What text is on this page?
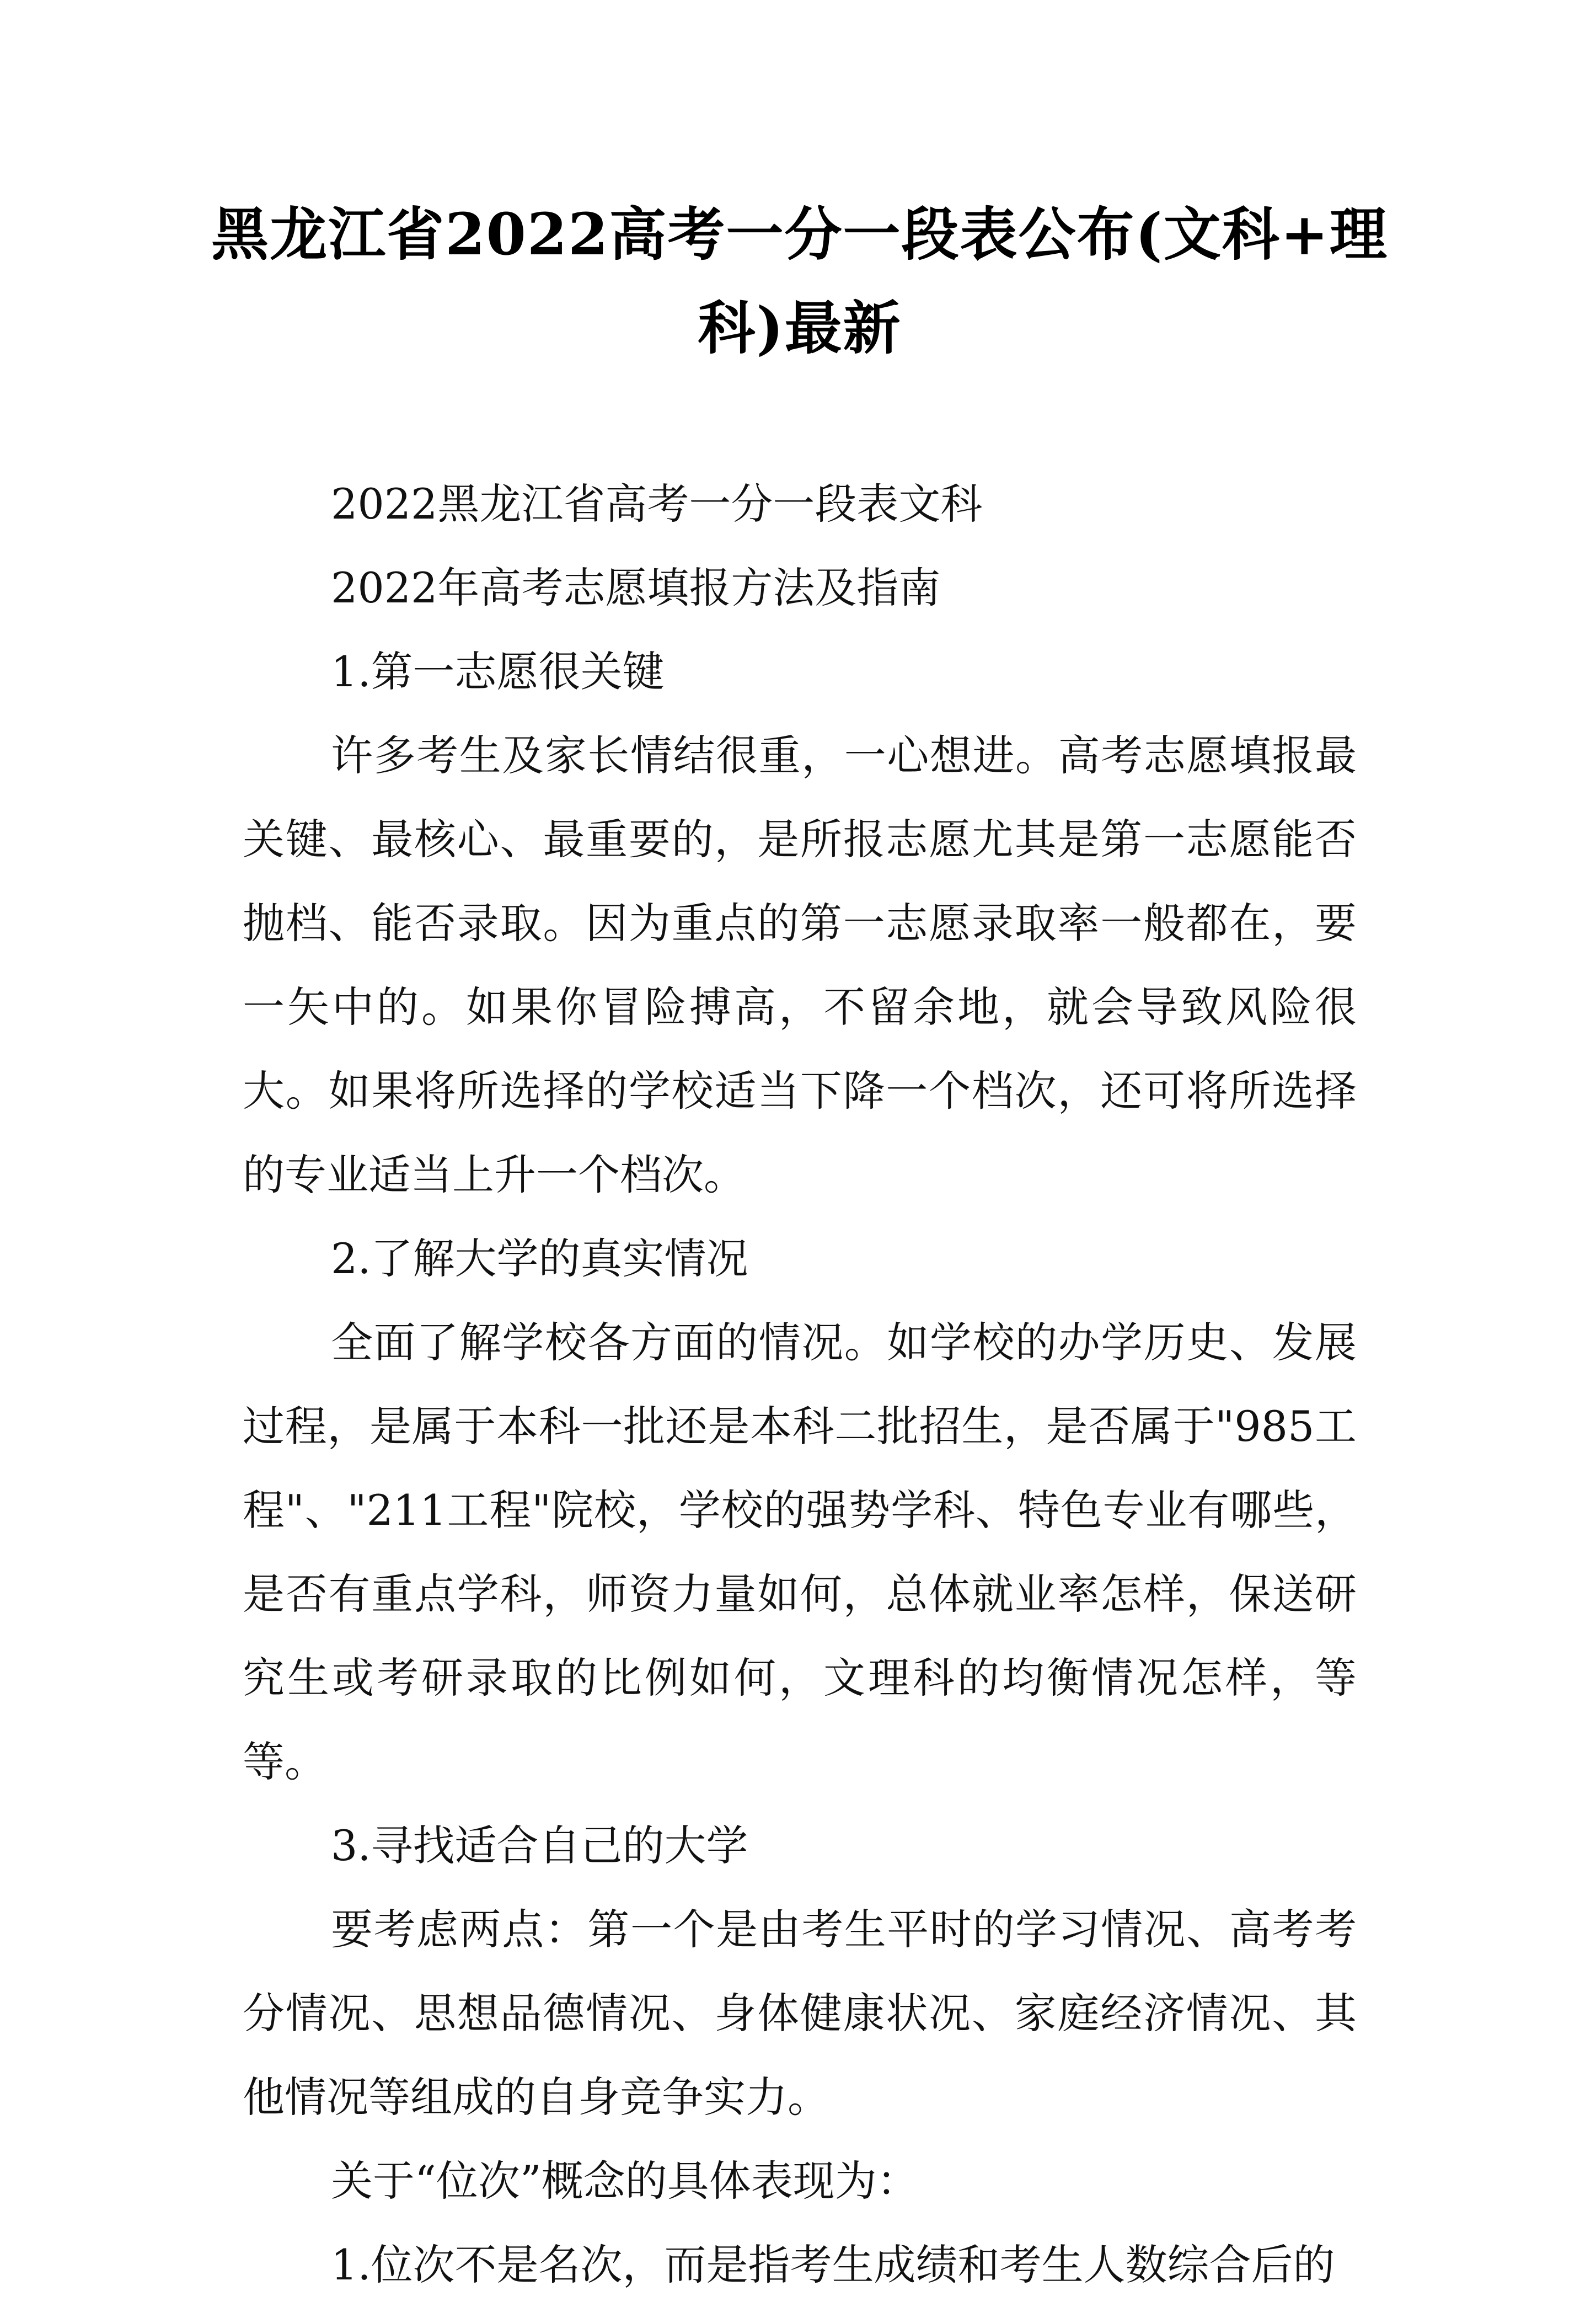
黑龙江省2022高考一分一段表公布(文科+理科)最新

2022黑龙江省高考一分一段表文科

2022年高考志愿填报方法及指南

1.第一志愿很关键

许多考生及家长情结很重，一心想进。高考志愿填报最关键、最核心、最重要的，是所报志愿尤其是第一志愿能否抛档、能否录取。因为重点的第一志愿录取率一般都在，要一矢中的。如果你冒险搏高，不留余地，就会导致风险很大。如果将所选择的学校适当下降一个档次，还可将所选择的专业适当上升一个档次。

2.了解大学的真实情况

全面了解学校各方面的情况。如学校的办学历史、发展过程，是属于本科一批还是本科二批招生，是否属于"985工程"、"211工程"院校，学校的强势学科、特色专业有哪些，是否有重点学科，师资力量如何，总体就业率怎样，保送研究生或考研录取的比例如何，文理科的均衡情况怎样，等等。

3.寻找适合自己的大学

要考虑两点：第一个是由考生平时的学习情况、高考考分情况、思想品德情况、身体健康状况、家庭经济情况、其他情况等组成的自身竞争实力。

关于“位次”概念的具体表现为：

1.位次不是名次，而是指考生成绩和考生人数综合后的
